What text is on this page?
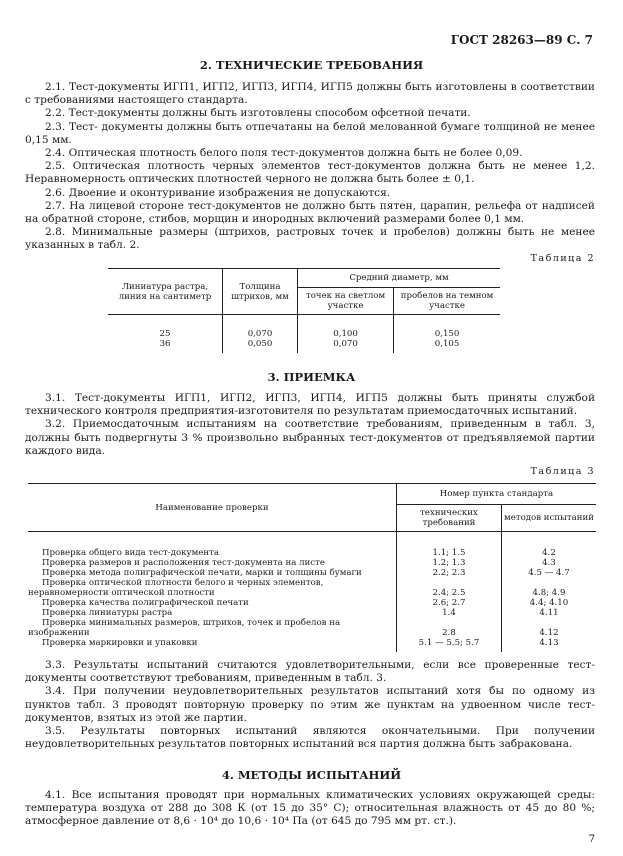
ГОСТ 28263—89 С. 7
2. ТЕХНИЧЕСКИЕ ТРЕБОВАНИЯ

2.1. Тест-документы ИГП1, ИГП2, ИГП3, ИГП4, ИГП5 должны быть изготовлены в соответствии с требованиями настоящего стандарта.

2.2. Тест-документы должны быть изготовлены способом офсетной печати.

2.3. Тест- документы должны быть отпечатаны на белой мелованной бумаге толщиной не менее 0,15 мм.

2.4. Оптическая плотность белого поля тест-документов должна быть не более 0,09.

2.5. Оптическая плотность черных элементов тест-документов должна быть не менее 1,2. Неравномерность оптических плотностей черного не должна быть более ± 0,1.

2.6. Двоение и оконтуривание изображения не допускаются.

2.7. На лицевой стороне тест-документов не должно быть пятен, царапин, рельефа от надписей на обратной стороне, стибов, морщин и инородных включений размерами более 0,1 мм.

2.8. Минимальные размеры (штрихов, растровых точек и пробелов) должны быть не менее указанных в табл. 2.

Таблица 2
Линиатура растра, линия на сантиметр	Толщина штрихов, мм	Средний диаметр, мм	
		точек на светлом участке	пробелов на темном участке
25	0,070	0,100	0,150
36	0,050	0,070	0,105
3. ПРИЕМКА

3.1. Тест-документы ИГП1, ИГП2, ИГП3, ИГП4, ИГП5 должны быть приняты службой технического контроля предприятия-изготовителя по результатам приемосдаточных испытаний.

3.2. Приемосдаточным испытаниям на соответствие требованиям, приведенным в табл. 3, должны быть подвергнуты 3 % произвольно выбранных тест-документов от предъявляемой партии каждого вида.

Таблица 3
Наименование проверки	Номер пункта стандарта	
	технических требований	методов испытаний
Проверка общего вида тест-документа	1.1; 1.5	4.2
Проверка размеров и расположения тест-документа на листе	1.2; 1.3	4.3
Проверка метода полиграфической печати, марки и толщины бумаги	2.2; 2.3	4.5 — 4.7
Проверка оптической плотности белого и черных элементов,
неравномерности оптической плотности	2.4; 2.5	4.8; 4.9
Проверка качества полиграфической печати	2.6; 2.7	4.4; 4.10
Проверка линиатуры растра	1.4	4.11
Проверка минимальных размеров, штрихов, точек и пробелов на
изображении	2.8	4.12
Проверка маркировки и упаковки	5.1 — 5.5; 5.7	4.13

3.3. Результаты испытаний считаются удовлетворительными, если все проверенные тест-документы соответствуют требованиям, приведенным в табл. 3.

3.4. При получении неудовлетворительных результатов испытаний хотя бы по одному из пунктов табл. 3 проводят повторную проверку по этим же пунктам на удвоенном числе тест-документов, взятых из этой же партии.

3.5. Результаты повторных испытаний являются окончательными. При получении неудовлетворительных результатов повторных испытаний вся партия должна быть забракована.

4. МЕТОДЫ ИСПЫТАНИЙ

4.1. Все испытания проводят при нормальных климатических условиях окружающей среды: температура воздуха от 288 до 308 К (от 15 до 35° С); относительная влажность от 45 до 80 %; атмосферное давление от 8,6 · 10⁴ до 10,6 · 10⁴ Па (от 645 до 795 мм рт. ст.).

7
